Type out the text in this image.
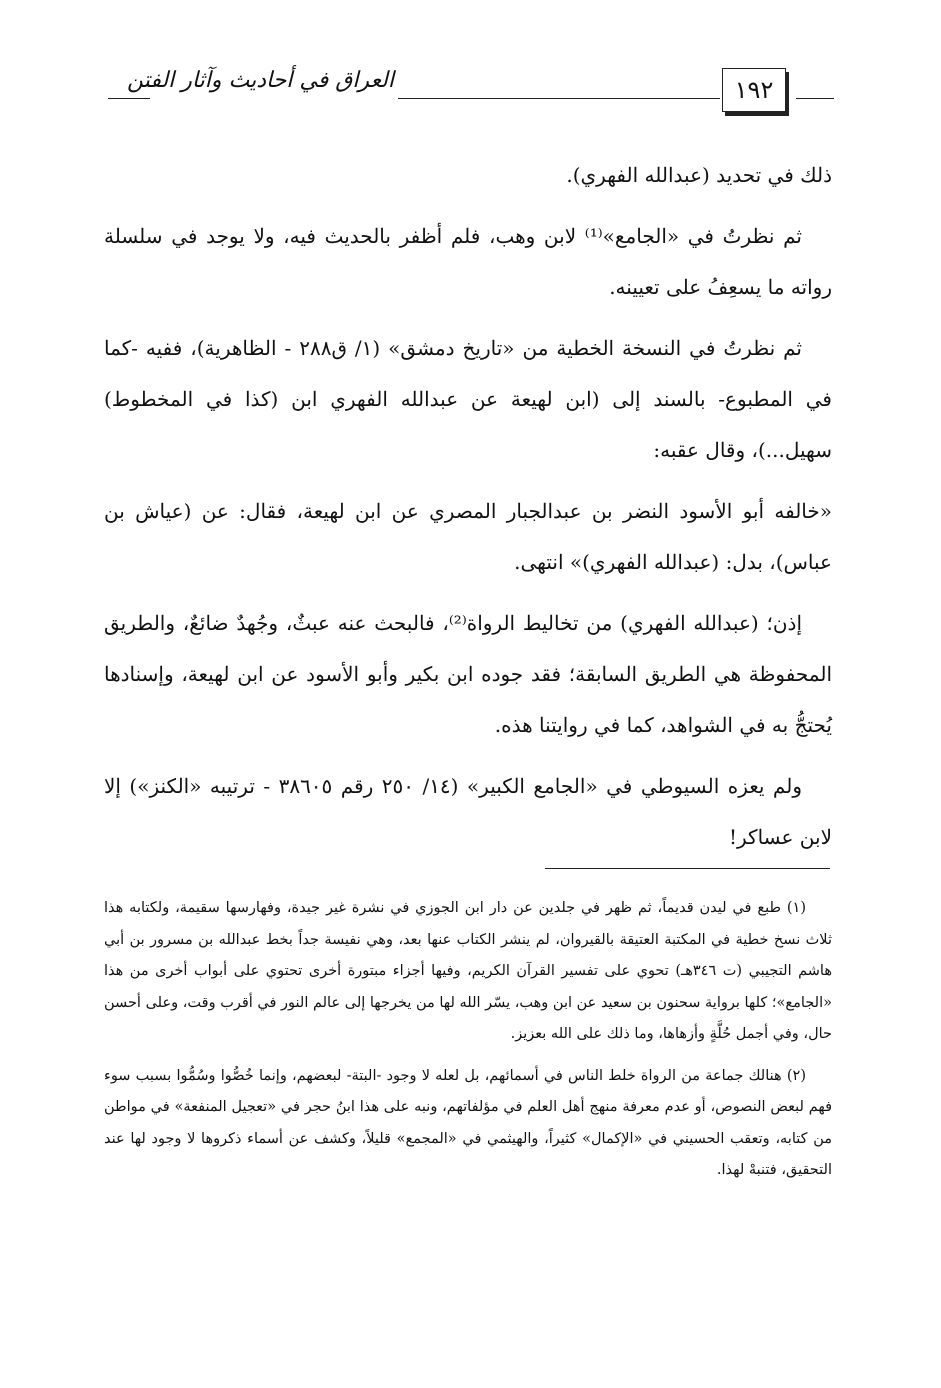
العراق في أحاديث وآثار الفتن	١٩٢

ذلك في تحديد (عبدالله الفهري).

ثم نظرتُ في «الجامع»⁽¹⁾ لابن وهب، فلم أظفر بالحديث فيه، ولا يوجد في سلسلة رواته ما يسعِفُ على تعيينه.

ثم نظرتُ في النسخة الخطية من «تاريخ دمشق» (١/ ق٢٨٨ - الظاهرية)، ففيه -كما في المطبوع- بالسند إلى (ابن لهيعة عن عبدالله الفهري ابن (كذا في المخطوط) سهيل...)، وقال عقبه:

«خالفه أبو الأسود النضر بن عبدالجبار المصري عن ابن لهيعة، فقال: عن (عياش بن عباس)، بدل: (عبدالله الفهري)» انتهى.

إذن؛ (عبدالله الفهري) من تخاليط الرواة⁽²⁾، فالبحث عنه عبثٌ، وجُهدٌ ضائعٌ، والطريق المحفوظة هي الطريق السابقة؛ فقد جوده ابن بكير وأبو الأسود عن ابن لهيعة، وإسنادها يُحتجُّ به في الشواهد، كما في روايتنا هذه.

ولم يعزه السيوطي في «الجامع الكبير» (١٤/ ٢٥٠ رقم ٣٨٦٠٥ - ترتيبه «الكنز») إلا لابن عساكر!

(١) طبع في ليدن قديماً، ثم ظهر في جلدين عن دار ابن الجوزي في نشرة غير جيدة، وفهارسها سقيمة، ولكتابه هذا ثلاث نسخ خطية في المكتبة العتيقة بالقيروان، لم ينشر الكتاب عنها بعد، وهي نفيسة جداً بخط عبدالله بن مسرور بن أبي هاشم التجيبي (ت ٣٤٦هـ) تحوي على تفسير القرآن الكريم، وفيها أجزاء مبتورة أخرى تحتوي على أبواب أخرى من هذا «الجامع»؛ كلها برواية سحنون بن سعيد عن ابن وهب، يسّر الله لها من يخرجها إلى عالم النور في أقرب وقت، وعلى أحسن حال، وفي أجمل حُلَّةٍ وأزهاها، وما ذلك على الله بعزيز.

(٢) هنالك جماعة من الرواة خلط الناس في أسمائهم، بل لعله لا وجود -البتة- لبعضهم، وإنما خُصُّوا وسُمُّوا بسبب سوء فهم لبعض النصوص، أو عدم معرفة منهج أهل العلم في مؤلفاتهم، ونبه على هذا ابنُ حجر في «تعجيل المنفعة» في مواطن من كتابه، وتعقب الحسيني في «الإكمال» كثيراً، والهيثمي في «المجمع» قليلاً، وكشف عن أسماء ذكروها لا وجود لها عند التحقيق، فتنبهْ لهذا.
